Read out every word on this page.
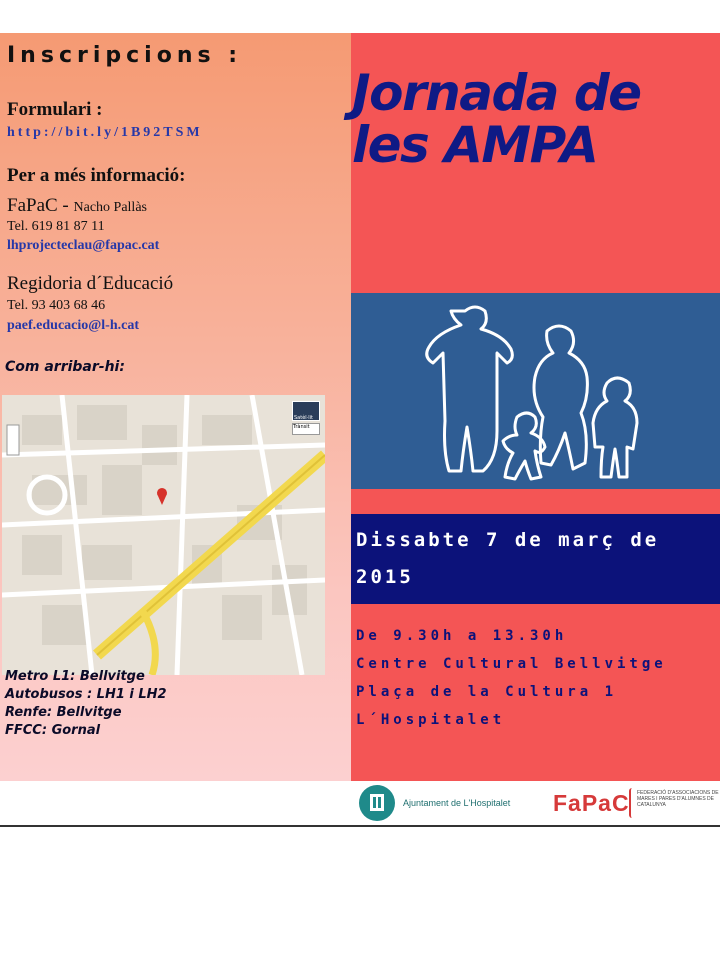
Inscripcions :
Formulari :
http://bit.ly/1B92TSM
Per a més informació:
FaPaC - Nacho Pallàs
Tel. 619 81 87 11
lhprojecteclau@fapac.cat
Regidoria d´Educació
Tel. 93 403 68 46
paef.educacio@l-h.cat
Com arribar-hi:
Satèl·lit
Trànsit
Metro L1: Bellvitge
Autobusos : LH1 i LH2
Renfe: Bellvitge
FFCC: Gornal
Jornada de
les AMPA
Dissabte 7 de març de
2015
De 9.30h a 13.30h
Centre Cultural Bellvitge
Plaça de la Cultura 1
L´Hospitalet
Ajuntament de L'Hospitalet FaPaC FEDERACIÓ D'ASSOCIACIONS DE MARES I PARES D'ALUMNES DE CATALUNYA
